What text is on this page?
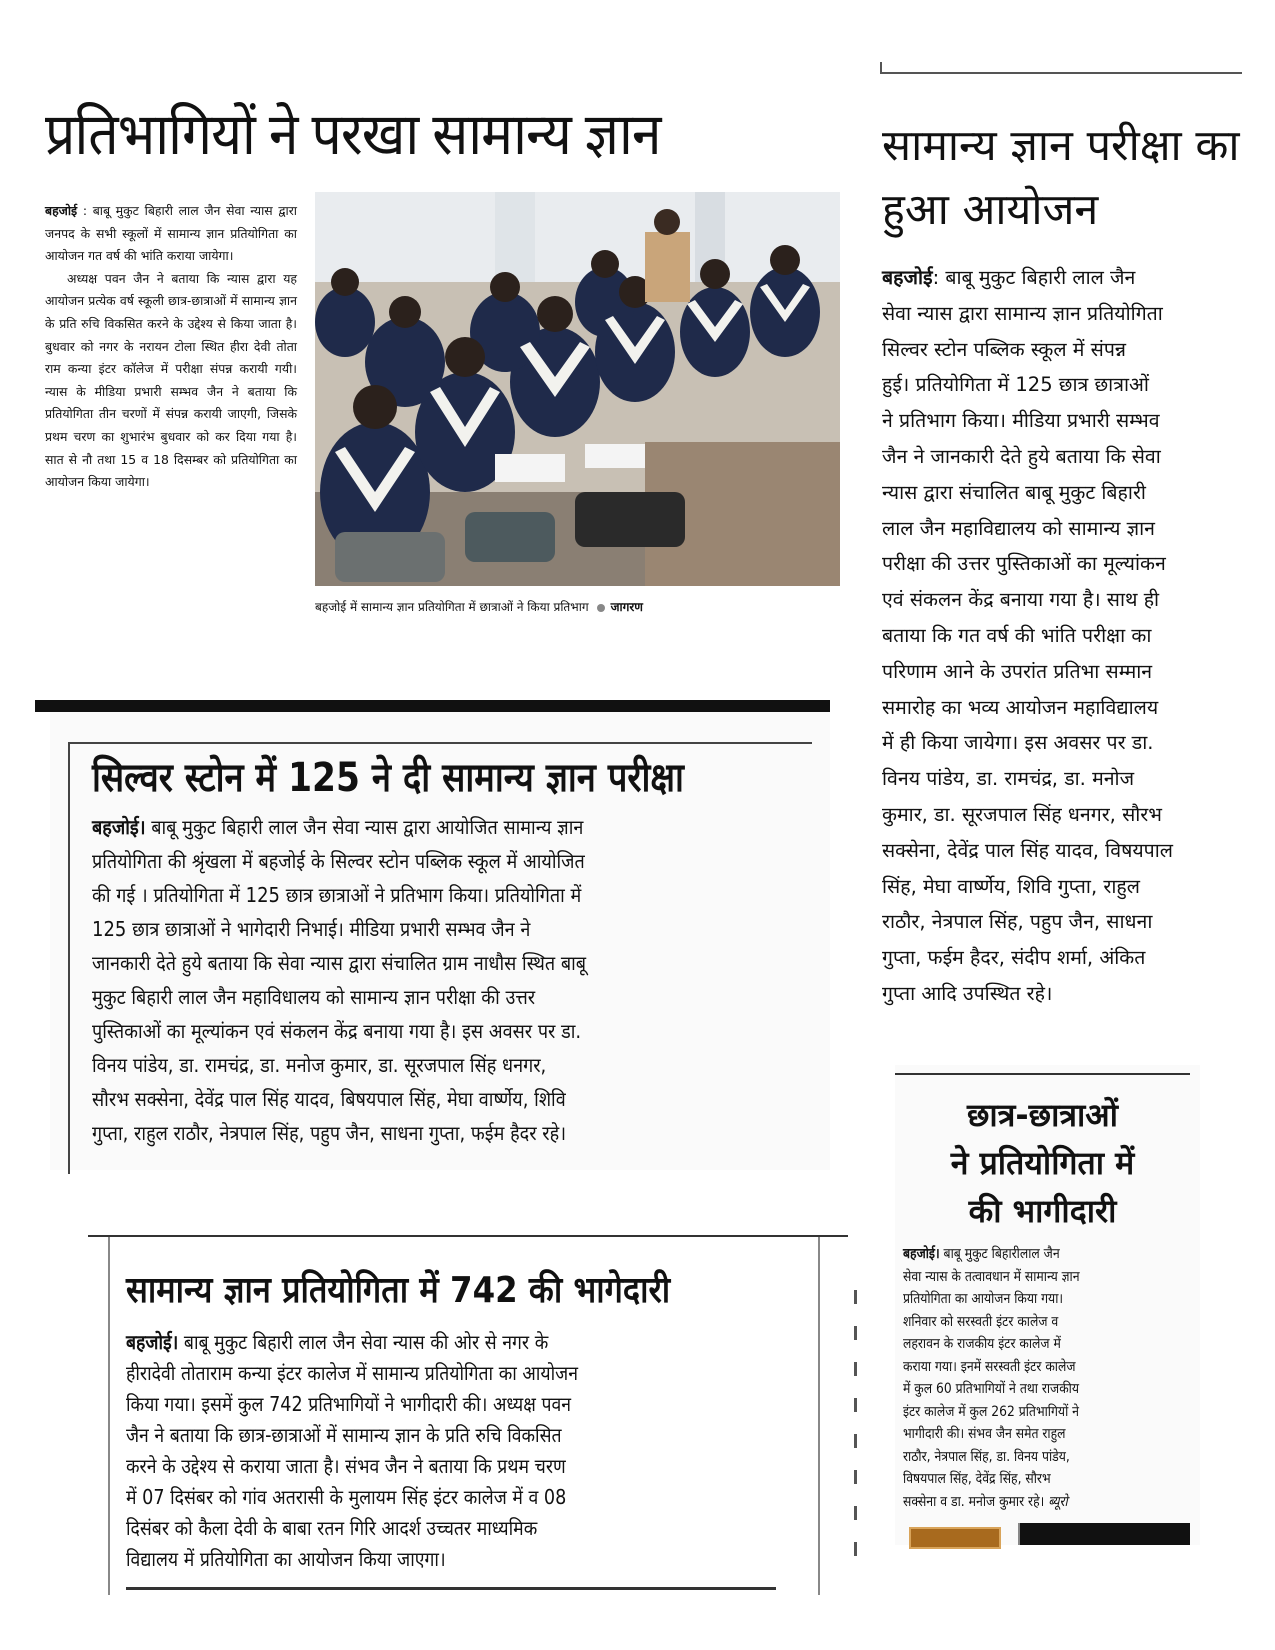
प्रतिभागियों ने परखा सामान्य ज्ञान

बहजोई : बाबू मुकुट बिहारी लाल जैन सेवा न्यास द्वारा जनपद के सभी स्कूलों में सामान्य ज्ञान प्रतियोगिता का आयोजन गत वर्ष की भांति कराया जायेगा।

अध्यक्ष पवन जैन ने बताया कि न्यास द्वारा यह आयोजन प्रत्येक वर्ष स्कूली छात्र-छात्राओं में सामान्य ज्ञान के प्रति रुचि विकसित करने के उद्देश्य से किया जाता है। बुधवार को नगर के नरायन टोला स्थित हीरा देवी तोता राम कन्या इंटर कॉलेज में परीक्षा संपन्न करायी गयी। न्यास के मीडिया प्रभारी सम्भव जैन ने बताया कि प्रतियोगिता तीन चरणों में संपन्न करायी जाएगी, जिसके प्रथम चरण का शुभारंभ बुधवार को कर दिया गया है। सात से नौ तथा 15 व 18 दिसम्बर को प्रतियोगिता का आयोजन किया जायेगा।

बहजोई में सामान्य ज्ञान प्रतियोगिता में छात्राओं ने किया प्रतिभाग जागरण
सिल्वर स्टोन में 125 ने दी सामान्य ज्ञान परीक्षा
बहजोई। बाबू मुकुट बिहारी लाल जैन सेवा न्यास द्वारा आयोजित सामान्य ज्ञान
प्रतियोगिता की श्रृंखला में बहजोई के सिल्वर स्टोन पब्लिक स्कूल में आयोजित
की गई । प्रतियोगिता में 125 छात्र छात्राओं ने प्रतिभाग किया। प्रतियोगिता में
125 छात्र छात्राओं ने भागेदारी निभाई। मीडिया प्रभारी सम्भव जैन ने
जानकारी देते हुये बताया कि सेवा न्यास द्वारा संचालित ग्राम नाधौस स्थित बाबू
मुकुट बिहारी लाल जैन महाविधालय को सामान्य ज्ञान परीक्षा की उत्तर
पुस्तिकाओं का मूल्यांकन एवं संकलन केंद्र बनाया गया है। इस अवसर पर डा.
विनय पांडेय, डा. रामचंद्र, डा. मनोज कुमार, डा. सूरजपाल सिंह धनगर,
सौरभ सक्सेना, देवेंद्र पाल सिंह यादव, बिषयपाल सिंह, मेघा वार्ष्णेय, शिवि
गुप्ता, राहुल राठौर, नेत्रपाल सिंह, पहुप जैन, साधना गुप्ता, फईम हैदर रहे।
सामान्य ज्ञान प्रतियोगिता में 742 की भागेदारी
बहजोई। बाबू मुकुट बिहारी लाल जैन सेवा न्यास की ओर से नगर के
हीरादेवी तोताराम कन्या इंटर कालेज में सामान्य प्रतियोगिता का आयोजन
किया गया। इसमें कुल 742 प्रतिभागियों ने भागीदारी की। अध्यक्ष पवन
जैन ने बताया कि छात्र-छात्राओं में सामान्य ज्ञान के प्रति रुचि विकसित
करने के उद्देश्य से कराया जाता है। संभव जैन ने बताया कि प्रथम चरण
में 07 दिसंबर को गांव अतरासी के मुलायम सिंह इंटर कालेज में व 08
दिसंबर को कैला देवी के बाबा रतन गिरि आदर्श उच्चतर माध्यमिक
विद्यालय में प्रतियोगिता का आयोजन किया जाएगा।
सामान्य ज्ञान परीक्षा का हुआ आयोजन
बहजोई: बाबू मुकुट बिहारी लाल जैन
सेवा न्यास द्वारा सामान्य ज्ञान प्रतियोगिता
सिल्वर स्टोन पब्लिक स्कूल में संपन्न
हुई। प्रतियोगिता में 125 छात्र छात्राओं
ने प्रतिभाग किया। मीडिया प्रभारी सम्भव
जैन ने जानकारी देते हुये बताया कि सेवा
न्यास द्वारा संचालित बाबू मुकुट बिहारी
लाल जैन महाविद्यालय को सामान्य ज्ञान
परीक्षा की उत्तर पुस्तिकाओं का मूल्यांकन
एवं संकलन केंद्र बनाया गया है। साथ ही
बताया कि गत वर्ष की भांति परीक्षा का
परिणाम आने के उपरांत प्रतिभा सम्मान
समारोह का भव्य आयोजन महाविद्यालय
में ही किया जायेगा। इस अवसर पर डा.
विनय पांडेय, डा. रामचंद्र, डा. मनोज
कुमार, डा. सूरजपाल सिंह धनगर, सौरभ
सक्सेना, देवेंद्र पाल सिंह यादव, विषयपाल
सिंह, मेघा वार्ष्णेय, शिवि गुप्ता, राहुल
राठौर, नेत्रपाल सिंह, पहुप जैन, साधना
गुप्ता, फईम हैदर, संदीप शर्मा, अंकित
गुप्ता आदि उपस्थित रहे।
छात्र-छात्राओं
ने प्रतियोगिता में
की भागीदारी
बहजोई। बाबू मुकुट बिहारीलाल जैन
सेवा न्यास के तत्वावधान में सामान्य ज्ञान
प्रतियोगिता का आयोजन किया गया।
शनिवार को सरस्वती इंटर कालेज व
लहरावन के राजकीय इंटर कालेज में
कराया गया। इनमें सरस्वती इंटर कालेज
में कुल 60 प्रतिभागियों ने तथा राजकीय
इंटर कालेज में कुल 262 प्रतिभागियों ने
भागीदारी की। संभव जैन समेत राहुल
राठौर, नेत्रपाल सिंह, डा. विनय पांडेय,
विषयपाल सिंह, देवेंद्र सिंह, सौरभ
सक्सेना व डा. मनोज कुमार रहे। ब्यूरो
